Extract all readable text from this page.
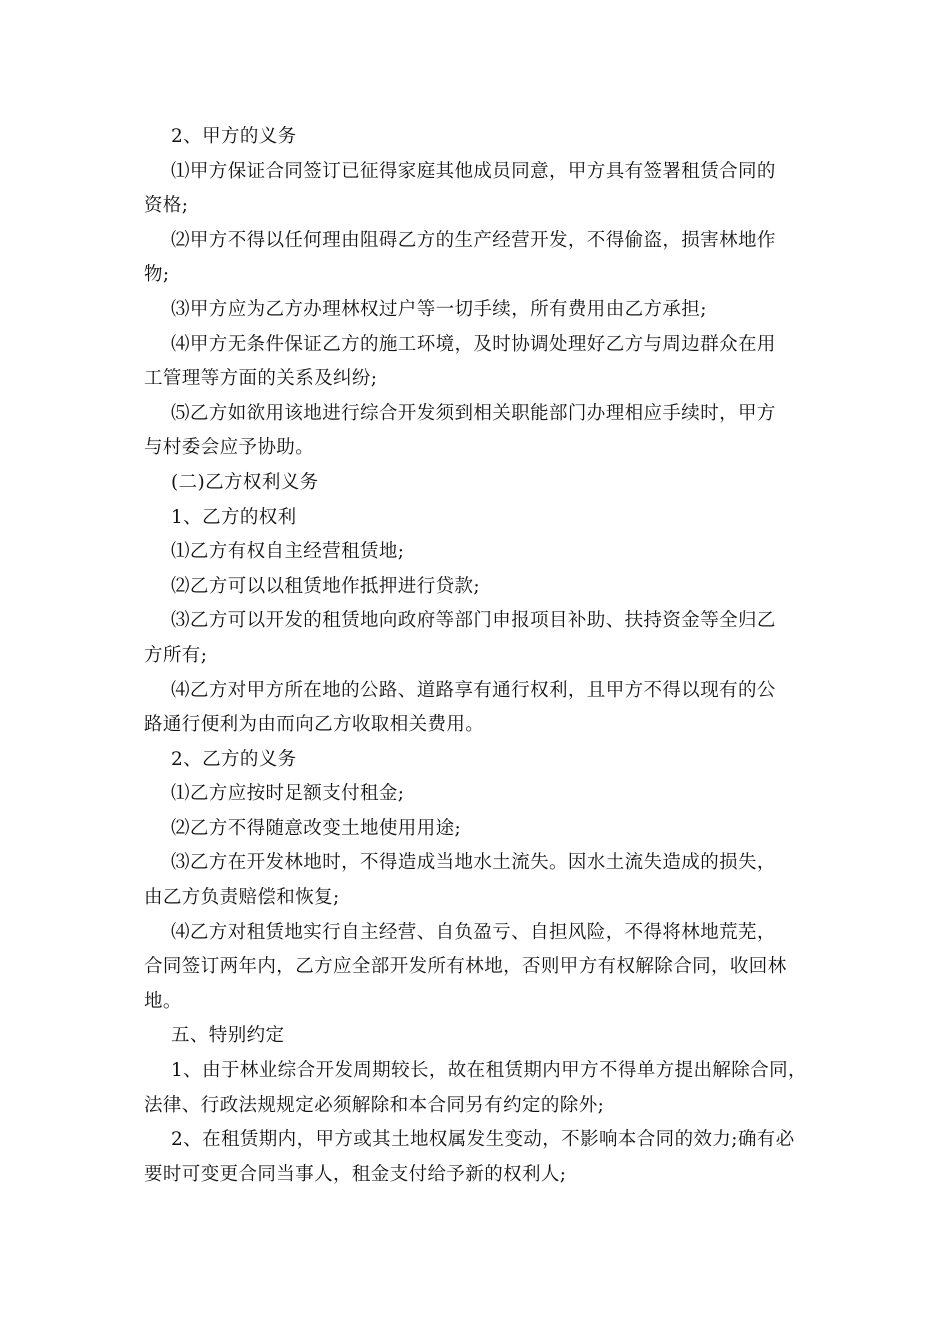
2、甲方的义务
⑴甲方保证合同签订已征得家庭其他成员同意，甲方具有签署租赁合同的
资格;
⑵甲方不得以任何理由阻碍乙方的生产经营开发，不得偷盗，损害林地作
物;
⑶甲方应为乙方办理林权过户等一切手续，所有费用由乙方承担;
⑷甲方无条件保证乙方的施工环境，及时协调处理好乙方与周边群众在用
工管理等方面的关系及纠纷;
⑸乙方如欲用该地进行综合开发须到相关职能部门办理相应手续时，甲方
与村委会应予协助。
(二)乙方权利义务
1、乙方的权利
⑴乙方有权自主经营租赁地;
⑵乙方可以以租赁地作抵押进行贷款;
⑶乙方可以开发的租赁地向政府等部门申报项目补助、扶持资金等全归乙
方所有;
⑷乙方对甲方所在地的公路、道路享有通行权利，且甲方不得以现有的公
路通行便利为由而向乙方收取相关费用。
2、乙方的义务
⑴乙方应按时足额支付租金;
⑵乙方不得随意改变土地使用用途;
⑶乙方在开发林地时，不得造成当地水土流失。因水土流失造成的损失，
由乙方负责赔偿和恢复;
⑷乙方对租赁地实行自主经营、自负盈亏、自担风险，不得将林地荒芜，
合同签订两年内，乙方应全部开发所有林地，否则甲方有权解除合同，收回林
地。
五、特别约定
1、由于林业综合开发周期较长，故在租赁期内甲方不得单方提出解除合同，
法律、行政法规规定必须解除和本合同另有约定的除外;
2、在租赁期内，甲方或其土地权属发生变动，不影响本合同的效力;确有必
要时可变更合同当事人，租金支付给予新的权利人;
